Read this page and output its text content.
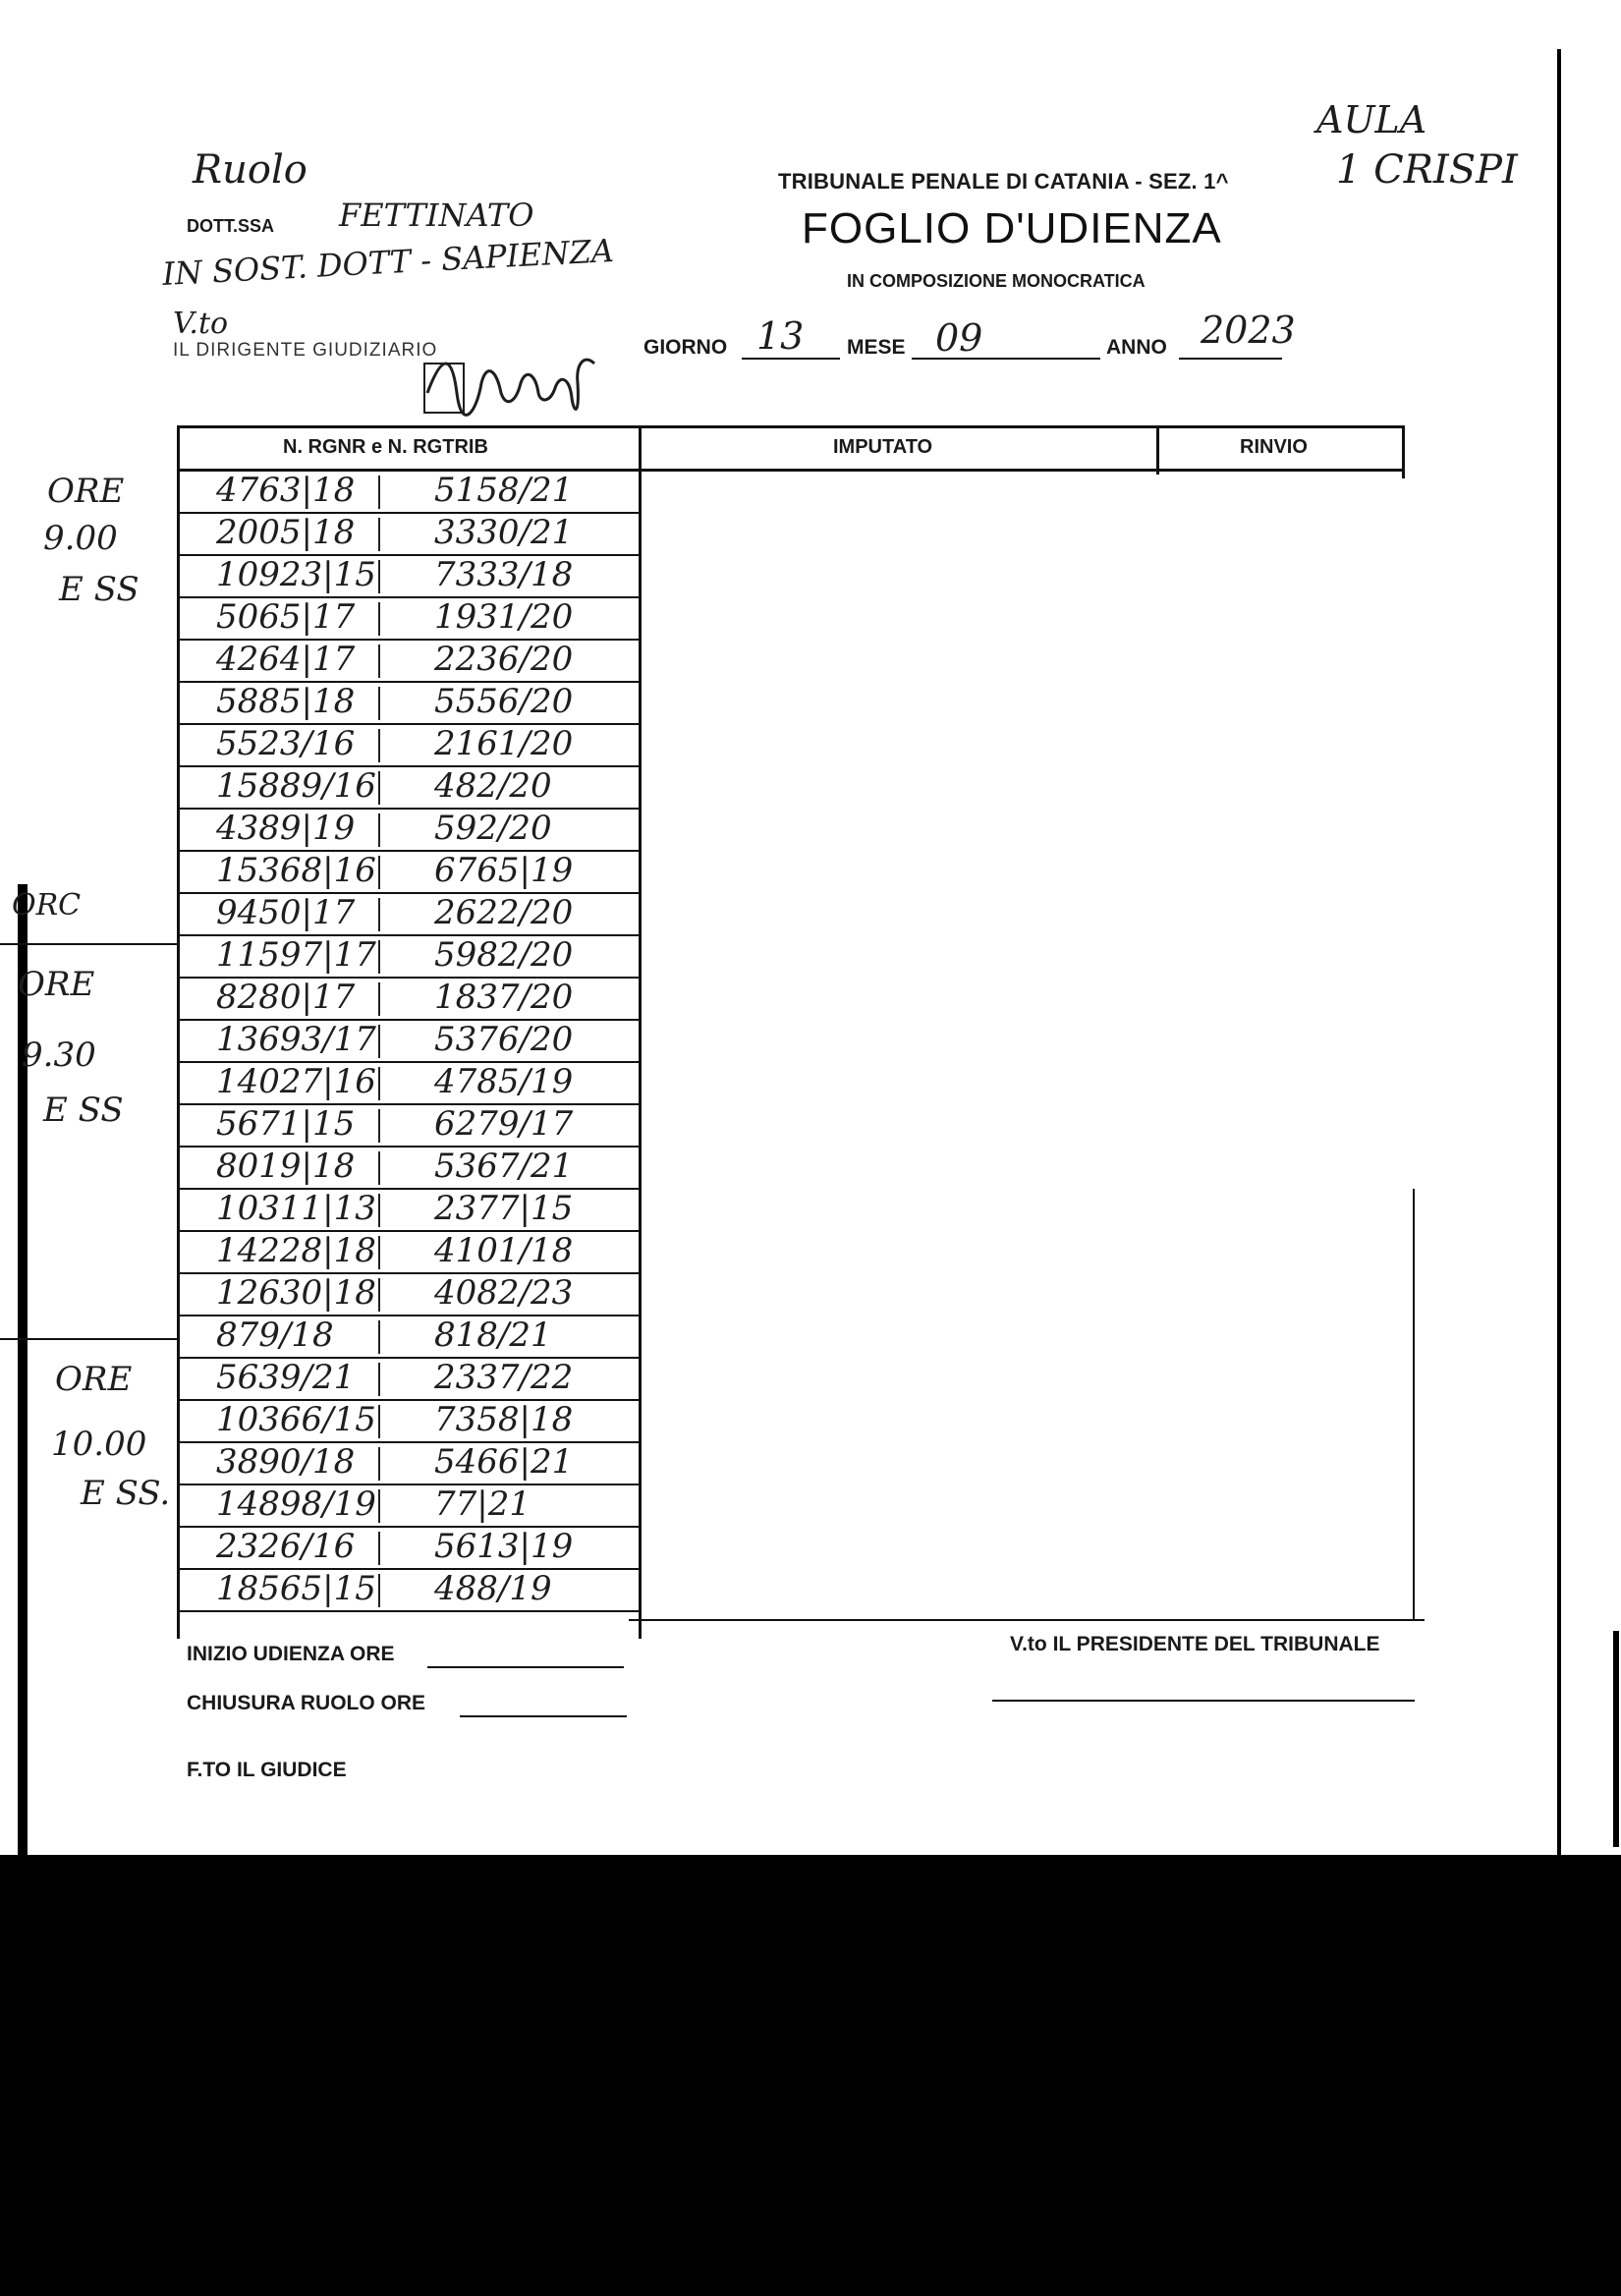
Ruolo
DOTT.SSA FETTINATO
IN SOST. DOTT - SAPIENZA
AULA
1 CRISPI
TRIBUNALE PENALE DI CATANIA - SEZ. 1^
FOGLIO D'UDIENZA
IN COMPOSIZIONE MONOCRATICA
V.to
IL DIRIGENTE GIUDIZIARIO	GIORNO 13 MESE 09	ANNO 2023
N. RGNR e N. RGTRIB	IMPUTATO	RINVIO
4763|18 5158/21
2005|18 3330/21
10923|15 7333/18
5065|17 1931/20
4264|17 2236/20
5885|18 5556/20
5523/16 2161/20
15889/16 482/20
4389|19 592/20
15368|16 6765|19
9450|17 2622/20
11597|17 5982/20
8280|17 1837/20
13693/17 5376/20
14027|16 4785/19
5671|15 6279/17
8019|18 5367/21
10311|13 2377|15
14228|18 4101/18
12630|18 4082/23
879/18	818/21
5639/21 2337/22
10366/15 7358|18
3890/18 5466|21
14898/19 77|21
2326/16 5613|19
18565|15 488/19
ORE
9.00
E SS
ORC
ORE
9.30
E SS
ORE
10.00
E SS.
INIZIO UDIENZA ORE
CHIUSURA RUOLO ORE
F.TO IL GIUDICE
V.to IL PRESIDENTE DEL TRIBUNALE
